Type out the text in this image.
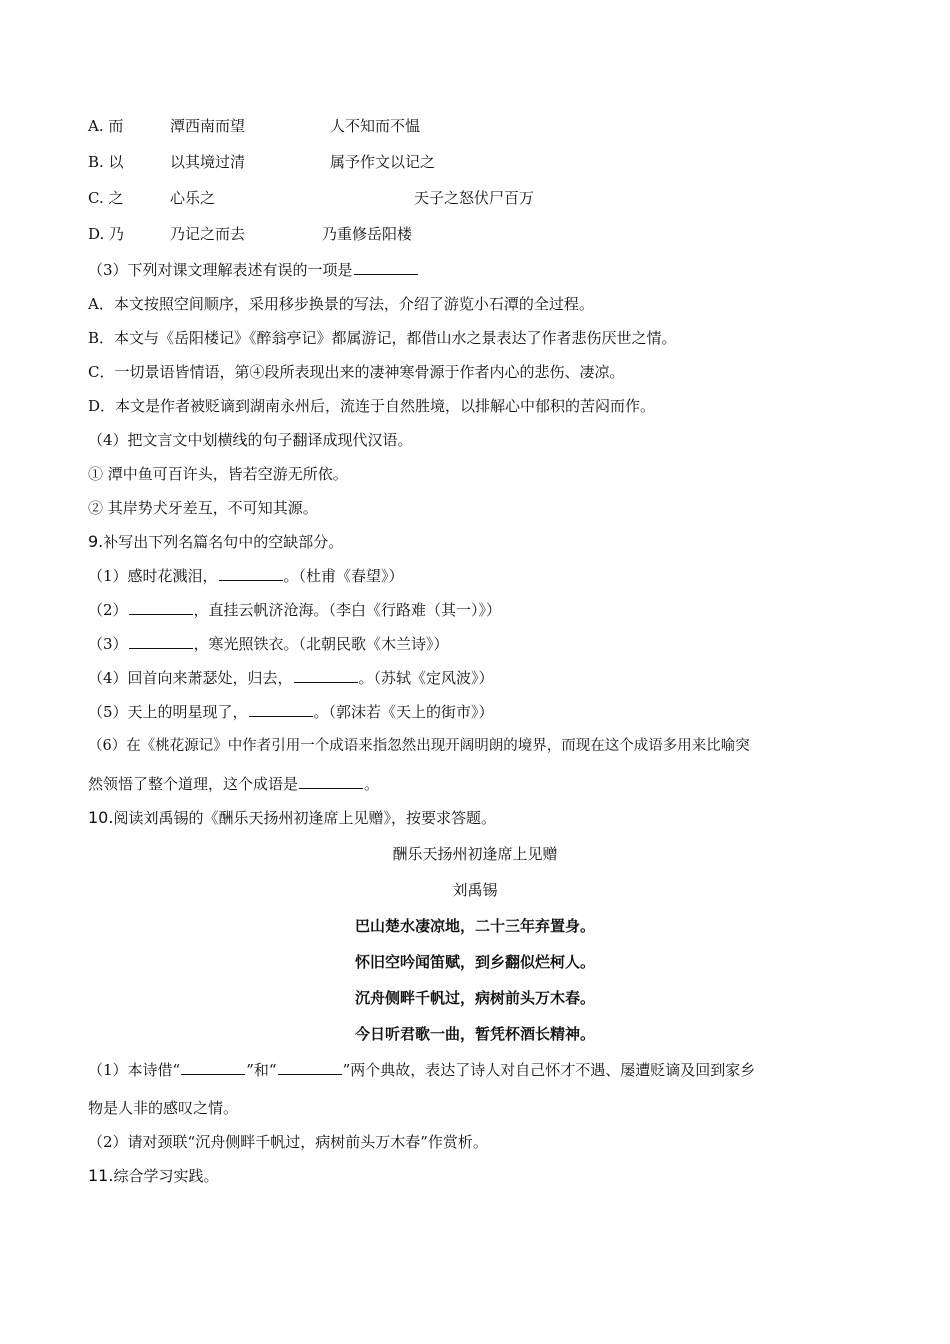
A. 而	潭西南而望	人不知而不愠
B. 以	以其境过清	属予作文以记之
C. 之	心乐之	天子之怒伏尸百万
D. 乃	乃记之而去	乃重修岳阳楼
（3）下列对课文理解表述有误的一项是
A．本文按照空间顺序，采用移步换景的写法，介绍了游览小石潭的全过程。
B．本文与《岳阳楼记》《醉翁亭记》都属游记，都借山水之景表达了作者悲伤厌世之情。
C．一切景语皆情语，第④段所表现出来的凄神寒骨源于作者内心的悲伤、凄凉。
D．本文是作者被贬谪到湖南永州后，流连于自然胜境，以排解心中郁积的苦闷而作。
（4）把文言文中划横线的句子翻译成现代汉语。
① 潭中鱼可百许头，皆若空游无所依。
② 其岸势犬牙差互，不可知其源。
9.补写出下列名篇名句中的空缺部分。
（1）感时花溅泪，	。（杜甫《春望》）
（2）	，直挂云帆济沧海。（李白《行路难（其一）》）
（3）	，寒光照铁衣。（北朝民歌《木兰诗》）
（4）回首向来萧瑟处，归去，	。（苏轼《定风波》）
（5）天上的明星现了，	。（郭沫若《天上的街市》）
（6）在《桃花源记》中作者引用一个成语来指忽然出现开阔明朗的境界，而现在这个成语多用来比喻突
然领悟了整个道理，这个成语是	。
10.阅读刘禹锡的《酬乐天扬州初逢席上见赠》，按要求答题。
酬乐天扬州初逢席上见赠
刘禹锡
巴山楚水凄凉地，二十三年弃置身。
怀旧空吟闻笛赋，到乡翻似烂柯人。
沉舟侧畔千帆过，病树前头万木春。
今日听君歌一曲，暂凭杯酒长精神。
（1）本诗借“	”和“	”两个典故，表达了诗人对自己怀才不遇、屡遭贬谪及回到家乡
物是人非的感叹之情。
（2）请对颈联“沉舟侧畔千帆过，病树前头万木春”作赏析。
11.综合学习实践。
